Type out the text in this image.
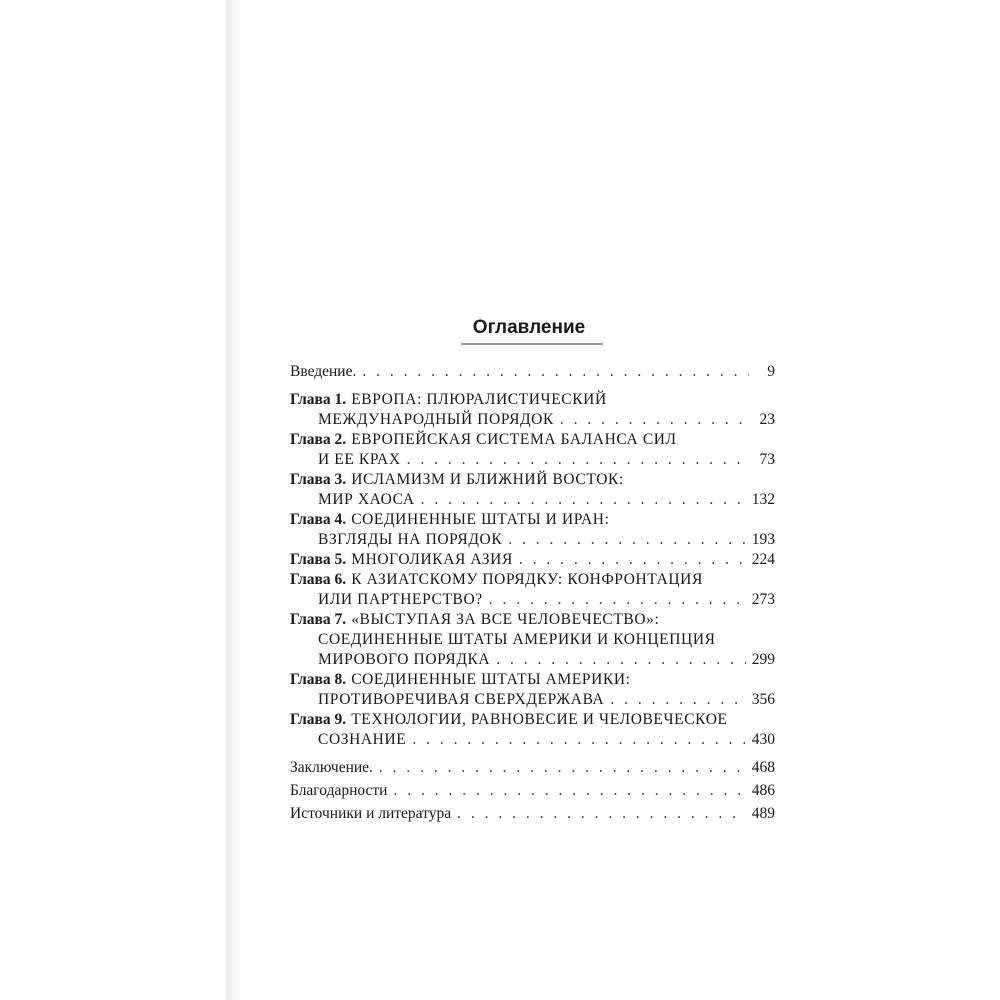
Оглавление
Введение. . . .	9
Глава 1. ЕВРОПА: ПЛЮРАЛИСТИЧЕСКИЙ
МЕЖДУНАРОДНЫЙ ПОРЯДОК . . .	23
Глава 2. ЕВРОПЕЙСКАЯ СИСТЕМА БАЛАНСА СИЛ
И ЕЕ КРАХ . . .	73
Глава 3. ИСЛАМИЗМ И БЛИЖНИЙ ВОСТОК:
МИР ХАОСА . . .	132
Глава 4. СОЕДИНЕННЫЕ ШТАТЫ И ИРАН:
ВЗГЛЯДЫ НА ПОРЯДОК . . .	193
Глава 5. МНОГОЛИКАЯ АЗИЯ . . .	224
Глава 6. К АЗИАТСКОМУ ПОРЯДКУ: КОНФРОНТАЦИЯ
ИЛИ ПАРТНЕРСТВО? . . .	273
Глава 7. «ВЫСТУПАЯ ЗА ВСЕ ЧЕЛОВЕЧЕСТВО»:
СОЕДИНЕННЫЕ ШТАТЫ АМЕРИКИ И КОНЦЕПЦИЯ
МИРОВОГО ПОРЯДКА . . .	299
Глава 8. СОЕДИНЕННЫЕ ШТАТЫ АМЕРИКИ:
ПРОТИВОРЕЧИВАЯ СВЕРХДЕРЖАВА . . .	356
Глава 9. ТЕХНОЛОГИИ, РАВНОВЕСИЕ И ЧЕЛОВЕЧЕСКОЕ
СОЗНАНИЕ . . .	430
Заключение. . . .	468
Благодарности . . .	486
Источники и литература . . .	489
